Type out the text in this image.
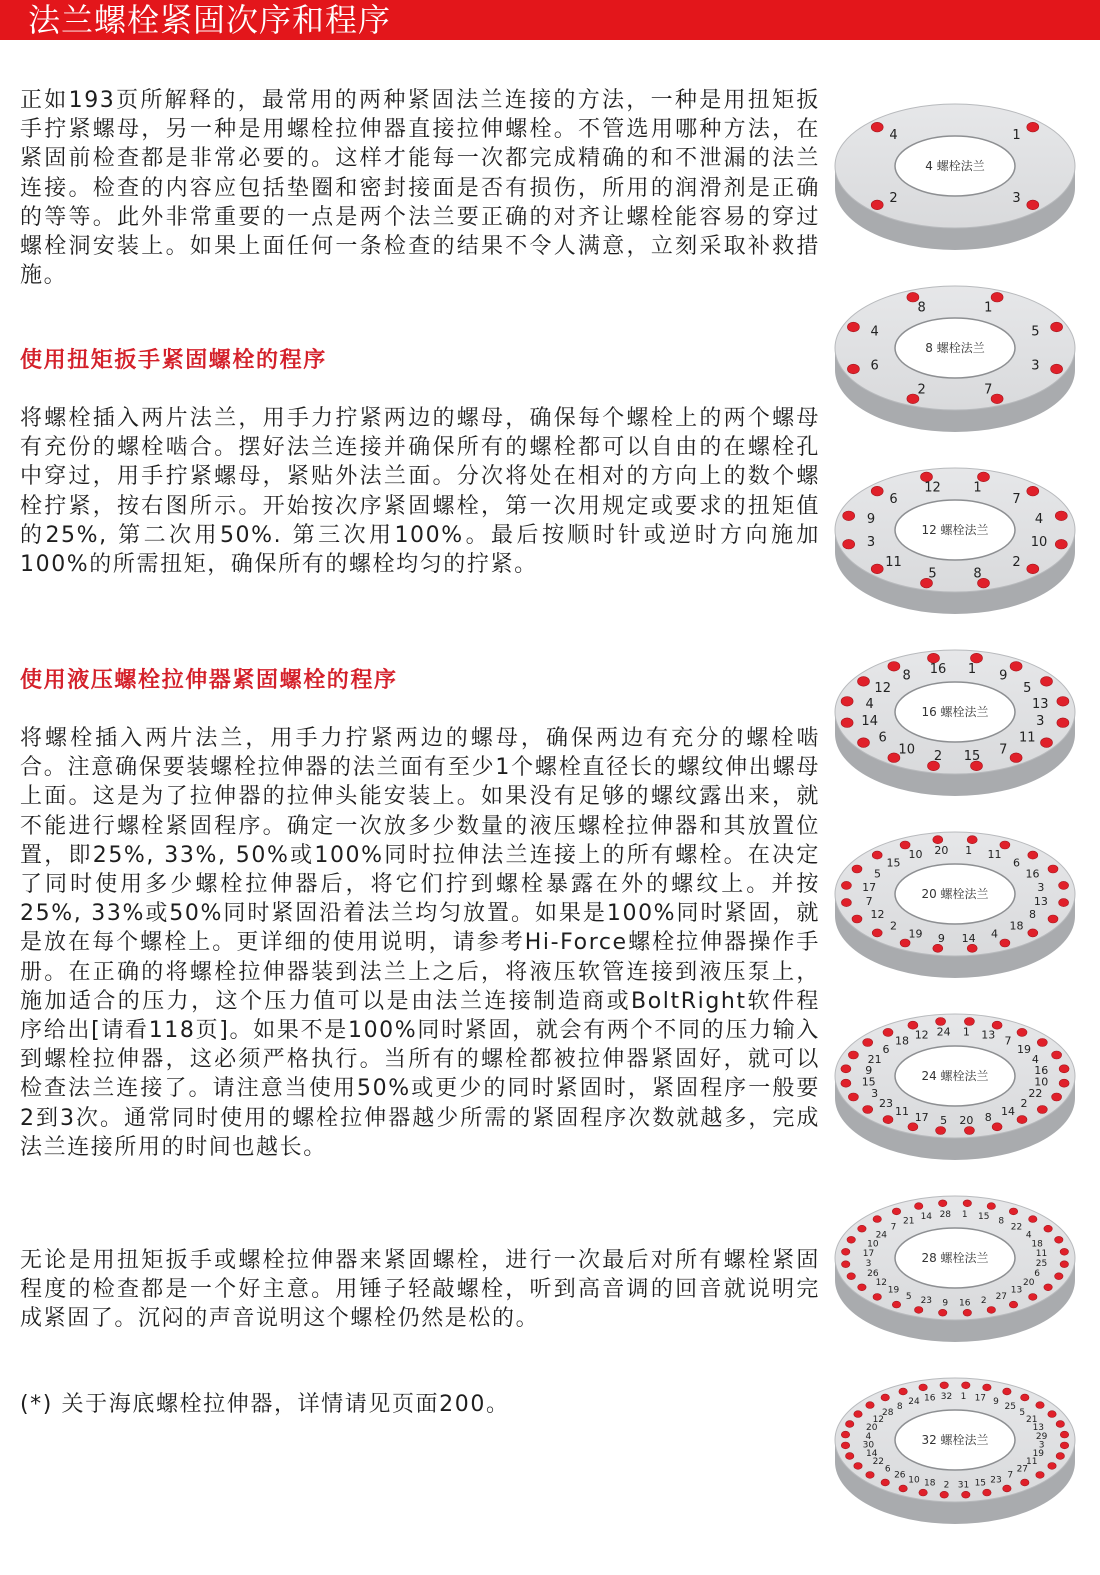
法兰螺栓紧固次序和程序

正如193页所解释的，最常用的两种紧固法兰连接的方法，一种是用扭矩扳手拧紧螺母，另一种是用螺栓拉伸器直接拉伸螺栓。不管选用哪种方法，在紧固前检查都是非常必要的。这样才能每一次都完成精确的和不泄漏的法兰连接。检查的内容应包括垫圈和密封接面是否有损伤，所用的润滑剂是正确的等等。此外非常重要的一点是两个法兰要正确的对齐让螺栓能容易的穿过螺栓洞安装上。如果上面任何一条检查的结果不令人满意，立刻采取补救措施。

使用扭矩扳手紧固螺栓的程序

将螺栓插入两片法兰，用手力拧紧两边的螺母，确保每个螺栓上的两个螺母有充份的螺栓啮合。摆好法兰连接并确保所有的螺栓都可以自由的在螺栓孔中穿过，用手拧紧螺母，紧贴外法兰面。分次将处在相对的方向上的数个螺栓拧紧，按右图所示。开始按次序紧固螺栓，第一次用规定或要求的扭矩值的25%, 第二次用50%. 第三次用100%。最后按顺时针或逆时方向施加100%的所需扭矩，确保所有的螺栓均匀的拧紧。

使用液压螺栓拉伸器紧固螺栓的程序

将螺栓插入两片法兰，用手力拧紧两边的螺母，确保两边有充分的螺栓啮合。注意确保要装螺栓拉伸器的法兰面有至少1个螺栓直径长的螺纹伸出螺母上面。这是为了拉伸器的拉伸头能安装上。如果没有足够的螺纹露出来，就不能进行螺栓紧固程序。确定一次放多少数量的液压螺栓拉伸器和其放置位置，即25%, 33%, 50%或100%同时拉伸法兰连接上的所有螺栓。在决定了同时使用多少螺栓拉伸器后，将它们拧到螺栓暴露在外的螺纹上。并按25%, 33%或50%同时紧固沿着法兰均匀放置。如果是100%同时紧固，就是放在每个螺栓上。更详细的使用说明，请参考Hi-Force螺栓拉伸器操作手册。在正确的将螺栓拉伸器装到法兰上之后，将液压软管连接到液压泵上，施加适合的压力，这个压力值可以是由法兰连接制造商或BoltRight软件程序给出[请看118页]。如果不是100%同时紧固，就会有两个不同的压力输入到螺栓拉伸器，这必须严格执行。当所有的螺栓都被拉伸器紧固好，就可以检查法兰连接了。请注意当使用50%或更少的同时紧固时，紧固程序一般要2到3次。通常同时使用的螺栓拉伸器越少所需的紧固程序次数就越多，完成法兰连接所用的时间也越长。

无论是用扭矩扳手或螺栓拉伸器来紧固螺栓，进行一次最后对所有螺栓紧固程度的检查都是一个好主意。用锤子轻敲螺栓，听到高音调的回音就说明完成紧固了。沉闷的声音说明这个螺栓仍然是松的。

(*) 关于海底螺栓拉伸器，详情请见页面200。

4 螺栓法兰
1
3
2
4
8 螺栓法兰
1
5
3
7
2
6
4
8
12 螺栓法兰
1
7
4
10
2
8
5
11
3
9
6
12
16 螺栓法兰
1 9
5
13
3
11
7
15
2
10
6
14
4
12
8 16
20 螺栓法兰
1 11
6
16
3
13
8
18
4
14
9
19
2
12
7
17
5
15
10 20
24 螺栓法兰
1 13 7
19
4
16
10
22
2
14
8
20
5
17
11
23
3
15
9
21
6
18 12 24
28 螺栓法兰
1 15 8
22
4
18
11
25
6
20
13
27
2
16
9
23
5
19
12
26
3
17
10
24
7
21 14 28
32 螺栓法兰
1 17 9 25
5
21
13
29
3
19
11
27
7
23
15
31
2
18
10
26
6
22
14
30
4
20
12
28
8 24 16 32
